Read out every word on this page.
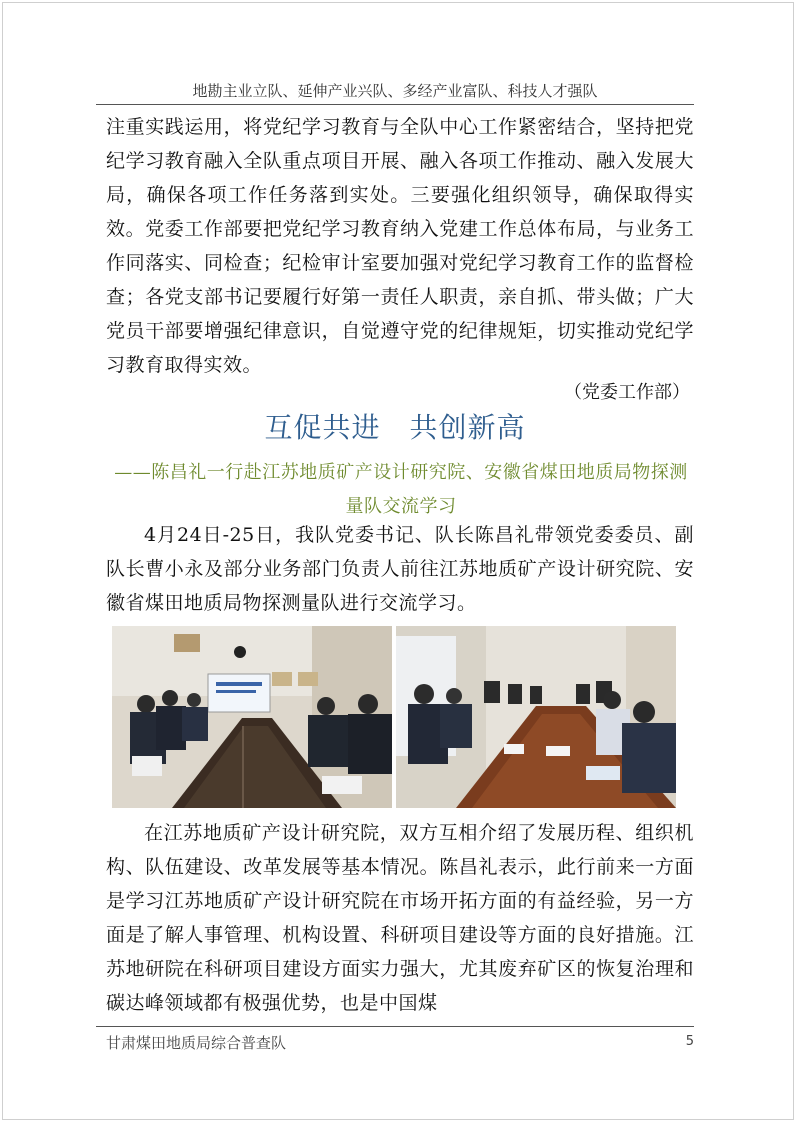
地勘主业立队、延伸产业兴队、多经产业富队、科技人才强队

注重实践运用，将党纪学习教育与全队中心工作紧密结合，坚持把党纪学习教育融入全队重点项目开展、融入各项工作推动、融入发展大局，确保各项工作任务落到实处。三要强化组织领导，确保取得实效。党委工作部要把党纪学习教育纳入党建工作总体布局，与业务工作同落实、同检查；纪检审计室要加强对党纪学习教育工作的监督检查；各党支部书记要履行好第一责任人职责，亲自抓、带头做；广大党员干部要增强纪律意识，自觉遵守党的纪律规矩，切实推动党纪学习教育取得实效。

（党委工作部）
互促共进　共创新高
——陈昌礼一行赴江苏地质矿产设计研究院、安徽省煤田地质局物探测量队交流学习

4月24日-25日，我队党委书记、队长陈昌礼带领党委委员、副队长曹小永及部分业务部门负责人前往江苏地质矿产设计研究院、安徽省煤田地质局物探测量队进行交流学习。

在江苏地质矿产设计研究院，双方互相介绍了发展历程、组织机构、队伍建设、改革发展等基本情况。陈昌礼表示，此行前来一方面是学习江苏地质矿产设计研究院在市场开拓方面的有益经验，另一方面是了解人事管理、机构设置、科研项目建设等方面的良好措施。江苏地研院在科研项目建设方面实力强大，尤其废弃矿区的恢复治理和碳达峰领域都有极强优势，也是中国煤

甘肃煤田地质局综合普查队	5
